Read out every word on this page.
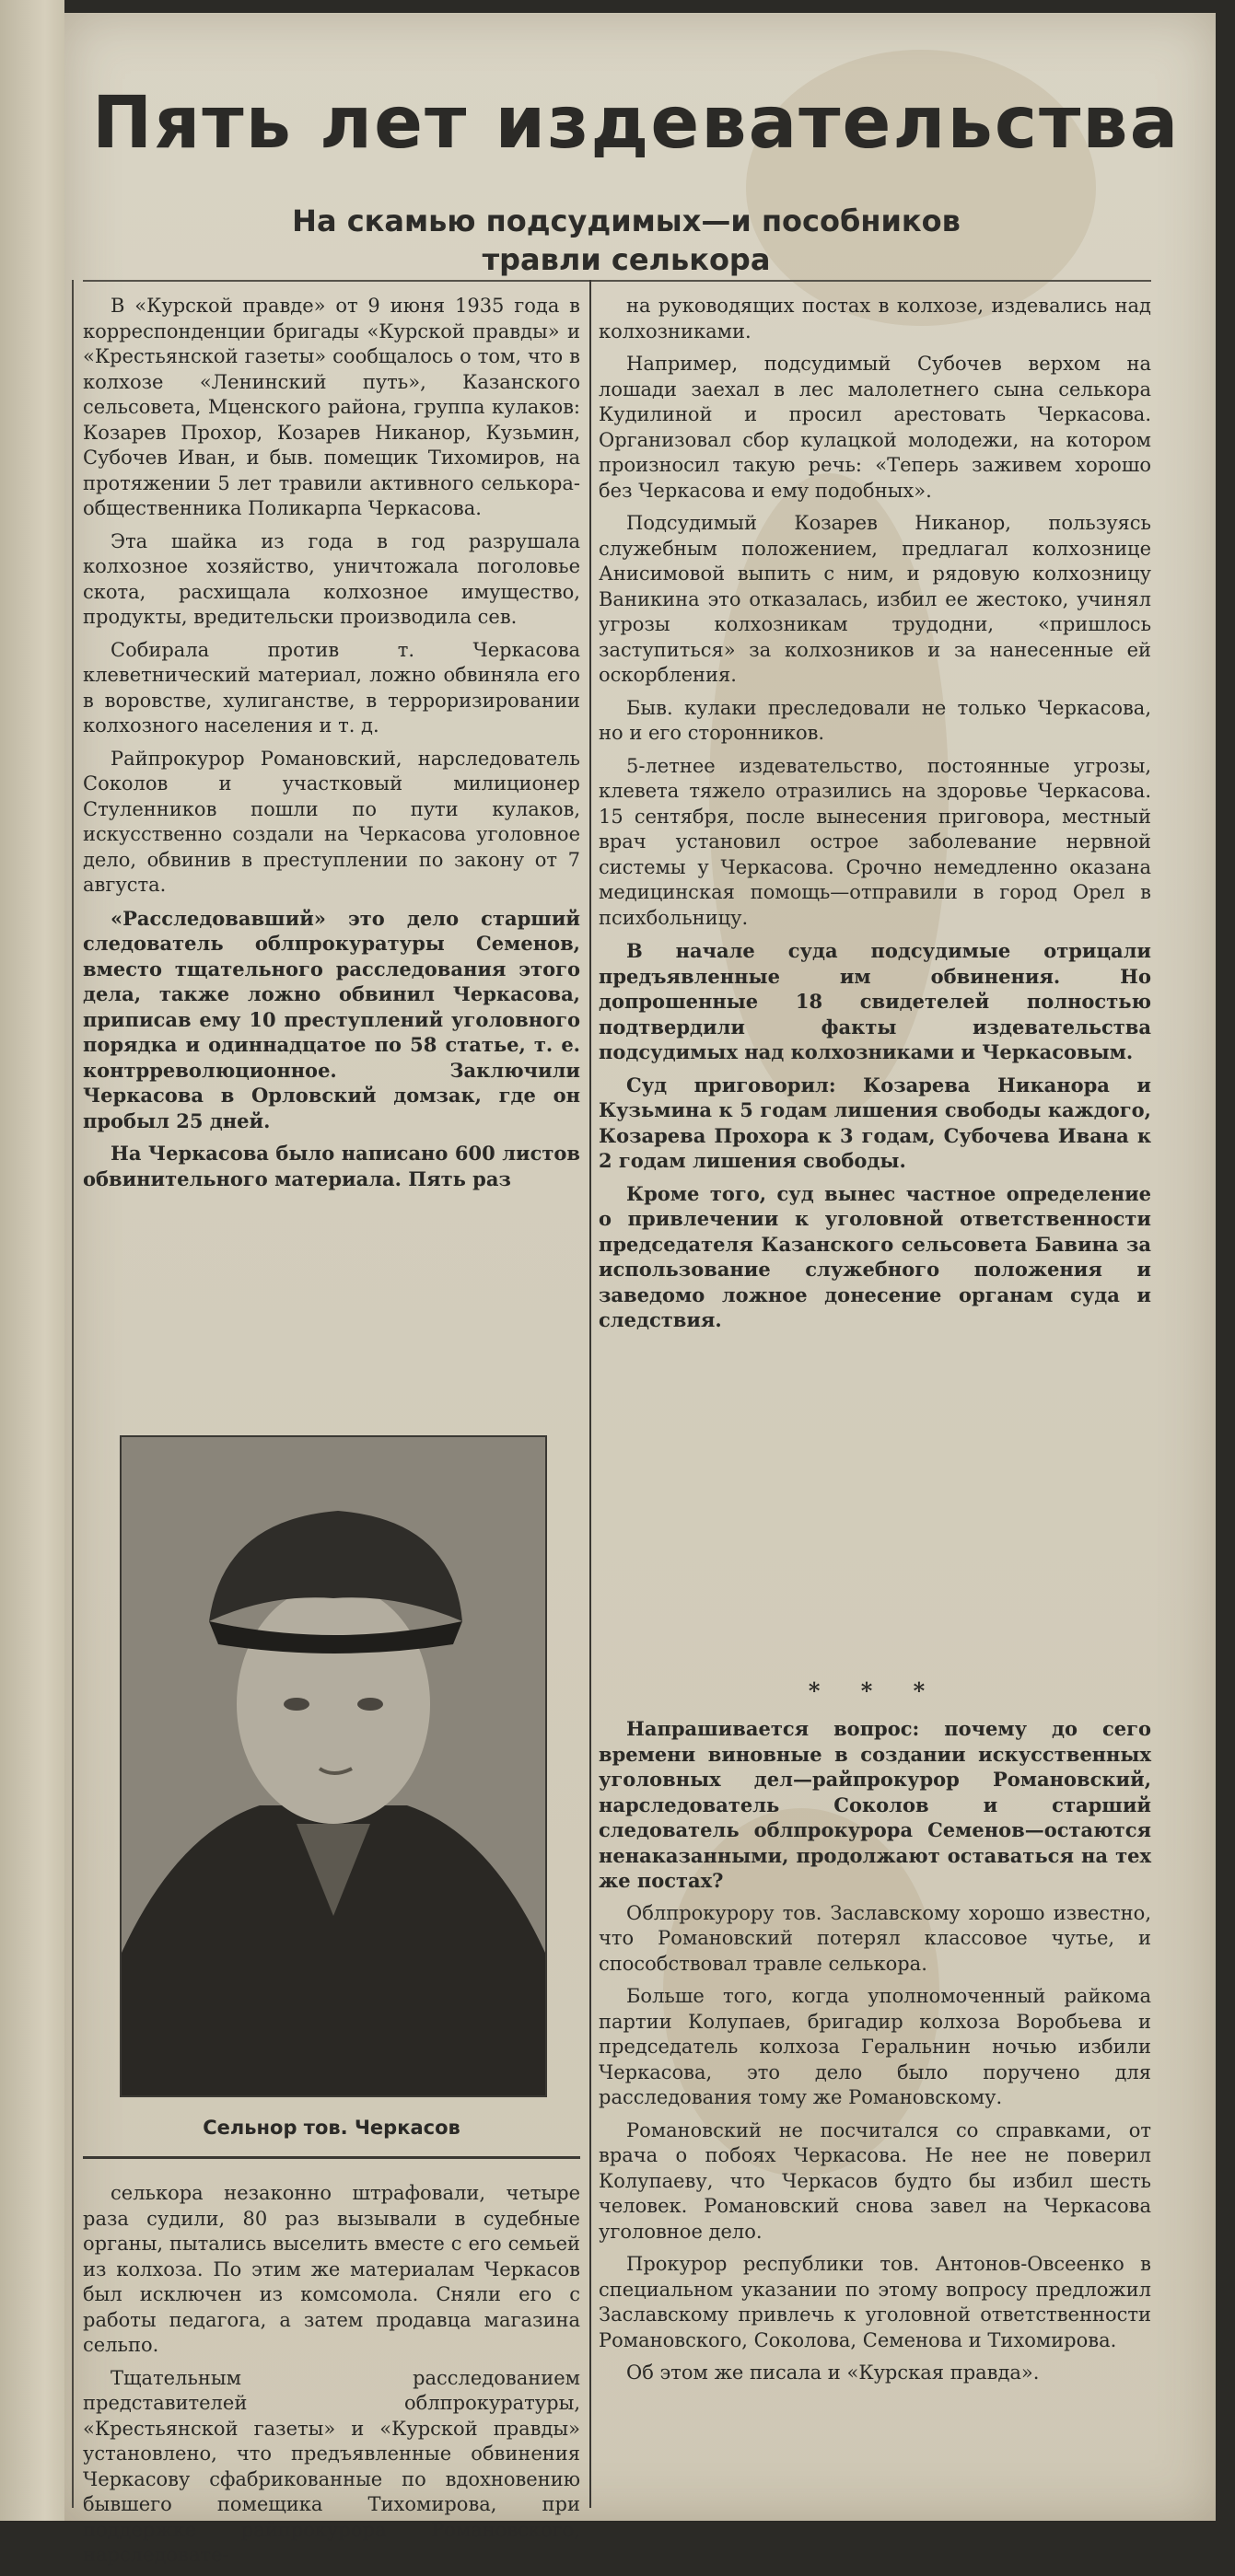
Пять лет издевательства
На скамью подсудимых—и пособников
травли селькора

В «Курской правде» от 9 июня 1935 года в корреспонденции бригады «Курской правды» и «Крестьянской газеты» сообщалось о том, что в колхозе «Ленинский путь», Казанского сельсовета, Мценского района, группа кулаков: Козарев Прохор, Козарев Никанор, Кузьмин, Субочев Иван, и быв. помещик Тихомиров, на протяжении 5 лет травили активного селькора-общественника Поликарпа Черкасова.

Эта шайка из года в год разрушала колхозное хозяйство, уничтожала поголовье скота, расхищала колхозное имущество, продукты, вредительски производила сев.

Собирала против т. Черкасова клеветнический материал, ложно обвиняла его в воровстве, хулиганстве, в терроризировании колхозного населения и т. д.

Райпрокурор Романовский, нарследователь Соколов и участковый милиционер Стуленников пошли по пути кулаков, искусственно создали на Черкасова уголовное дело, обвинив в преступлении по закону от 7 августа.

«Расследовавший» это дело старший следователь облпрокуратуры Семенов, вместо тщательного расследования этого дела, также ложно обвинил Черкасова, приписав ему 10 преступлений уголовного порядка и одиннадцатое по 58 статье, т. е. контрреволюционное. Заключили Черкасова в Орловский домзак, где он пробыл 25 дней.

На Черкасова было написано 600 листов обвинительного материала. Пять раз

Сельнор тов. Черкасов

селькора незаконно штрафовали, четыре раза судили, 80 раз вызывали в судебные органы, пытались выселить вместе с его семьей из колхоза. По этим же материалам Черкасов был исключен из комсомола. Сняли его с работы педагога, а затем продавца магазина сельпо.

Тщательным расследованием представителей облпрокуратуры, «Крестьянской газеты» и «Курской правды» установлено, что предъявленные обвинения Черкасову сфабрикованные по вдохновению бывшего помещика Тихомирова, при поддержке райпрокурора Романовского, нарследовате-

на руководящих постах в колхозе, издевались над колхозниками.

Например, подсудимый Субочев верхом на лошади заехал в лес малолетнего сына селькора Кудилиной и просил арестовать Черкасова. Организовал сбор кулацкой молодежи, на котором произносил такую речь: «Теперь заживем хорошо без Черкасова и ему подобных».

Подсудимый Козарев Никанор, пользуясь служебным положением, предлагал колхознице Анисимовой выпить с ним, и рядовую колхозницу Ваникина это отказалась, избил ее жестоко, учинял угрозы колхозникам трудодни, «пришлось заступиться» за колхозников и за нанесенные ей оскорбления.

Быв. кулаки преследовали не только Черкасова, но и его сторонников.

5-летнее издевательство, постоянные угрозы, клевета тяжело отразились на здоровье Черкасова. 15 сентября, после вынесения приговора, местный врач установил острое заболевание нервной системы у Черкасова. Срочно немедленно оказана медицинская помощь—отправили в город Орел в психбольницу.

В начале суда подсудимые отрицали предъявленные им обвинения. Но допрошенные 18 свидетелей полностью подтвердили факты издевательства подсудимых над колхозниками и Черкасовым.

Суд приговорил: Козарева Никанора и Кузьмина к 5 годам лишения свободы каждого, Козарева Прохора к 3 годам, Субочева Ивана к 2 годам лишения свободы.

Кроме того, суд вынес частное определение о привлечении к уголовной ответственности председателя Казанского сельсовета Бавина за использование служебного положения и заведомо ложное донесение органам суда и следствия.

* * *

Напрашивается вопрос: почему до сего времени виновные в создании искусственных уголовных дел—райпрокурор Романовский, нарследователь Соколов и старший следователь облпрокурора Семенов—остаются ненаказанными, продолжают оставаться на тех же постах?

Облпрокурору тов. Заславскому хорошо известно, что Романовский потерял классовое чутье, и способствовал травле селькора.

Больше того, когда уполномоченный райкома партии Колупаев, бригадир колхоза Воробьева и председатель колхоза Геральнин ночью избили Черкасова, это дело было поручено для расследования тому же Романовскому.

Романовский не посчитался со справками, от врача о побоях Черкасова. Не нее не поверил Колупаеву, что Черкасов будто бы избил шесть человек. Романовский снова завел на Черкасова уголовное дело.

Прокурор республики тов. Антонов-Овсеенко в специальном указании по этому вопросу предложил Заславскому привлечь к уголовной ответственности Романовского, Соколова, Семенова и Тихомирова.

Об этом же писала и «Курская правда».
